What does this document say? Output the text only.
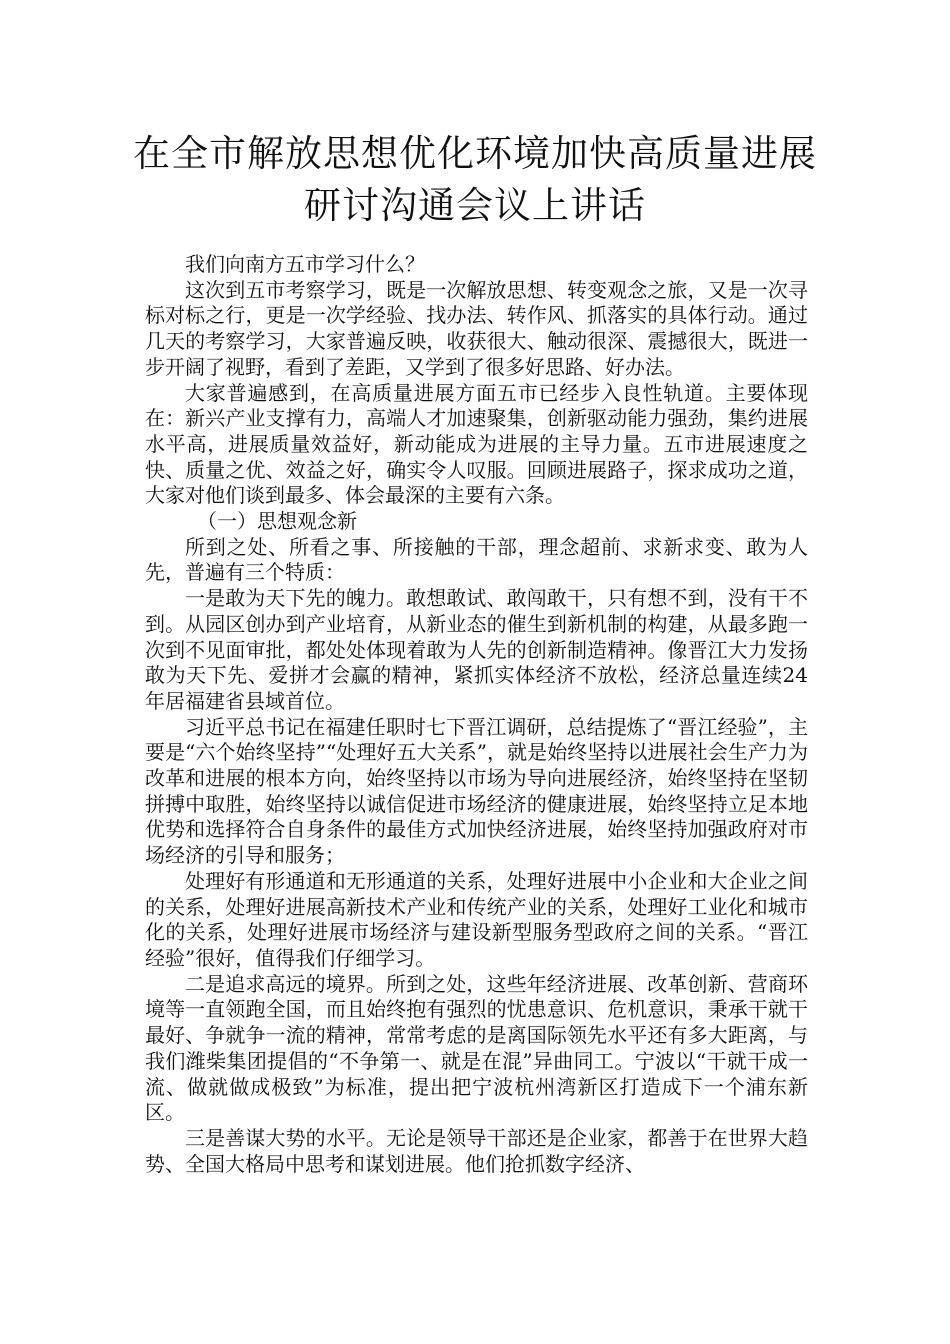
在全市解放思想优化环境加快高质量进展
研讨沟通会议上讲话

我们向南方五市学习什么？

这次到五市考察学习，既是一次解放思想、转变观念之旅，又是一次寻标对标之行，更是一次学经验、找办法、转作风、抓落实的具体行动。通过几天的考察学习，大家普遍反映，收获很大、触动很深、震撼很大，既进一步开阔了视野，看到了差距，又学到了很多好思路、好办法。

大家普遍感到，在高质量进展方面五市已经步入良性轨道。主要体现在：新兴产业支撑有力，高端人才加速聚集，创新驱动能力强劲，集约进展水平高，进展质量效益好，新动能成为进展的主导力量。五市进展速度之快、质量之优、效益之好，确实令人叹服。回顾进展路子，探求成功之道，大家对他们谈到最多、体会最深的主要有六条。

（一）思想观念新

所到之处、所看之事、所接触的干部，理念超前、求新求变、敢为人先，普遍有三个特质：

一是敢为天下先的魄力。敢想敢试、敢闯敢干，只有想不到，没有干不到。从园区创办到产业培育，从新业态的催生到新机制的构建，从最多跑一次到不见面审批，都处处体现着敢为人先的创新制造精神。像晋江大力发扬敢为天下先、爱拼才会赢的精神，紧抓实体经济不放松，经济总量连续24年居福建省县域首位。

习近平总书记在福建任职时七下晋江调研，总结提炼了“晋江经验”，主要是“六个始终坚持”“处理好五大关系”，就是始终坚持以进展社会生产力为改革和进展的根本方向，始终坚持以市场为导向进展经济，始终坚持在坚韧拼搏中取胜，始终坚持以诚信促进市场经济的健康进展，始终坚持立足本地优势和选择符合自身条件的最佳方式加快经济进展，始终坚持加强政府对市场经济的引导和服务；

处理好有形通道和无形通道的关系，处理好进展中小企业和大企业之间的关系，处理好进展高新技术产业和传统产业的关系，处理好工业化和城市化的关系，处理好进展市场经济与建设新型服务型政府之间的关系。“晋江经验”很好，值得我们仔细学习。

二是追求高远的境界。所到之处，这些年经济进展、改革创新、营商环境等一直领跑全国，而且始终抱有强烈的忧患意识、危机意识，秉承干就干最好、争就争一流的精神，常常考虑的是离国际领先水平还有多大距离，与我们潍柴集团提倡的“不争第一、就是在混”异曲同工。宁波以“干就干成一流、做就做成极致”为标准，提出把宁波杭州湾新区打造成下一个浦东新区。

三是善谋大势的水平。无论是领导干部还是企业家，都善于在世界大趋势、全国大格局中思考和谋划进展。他们抢抓数字经济、
